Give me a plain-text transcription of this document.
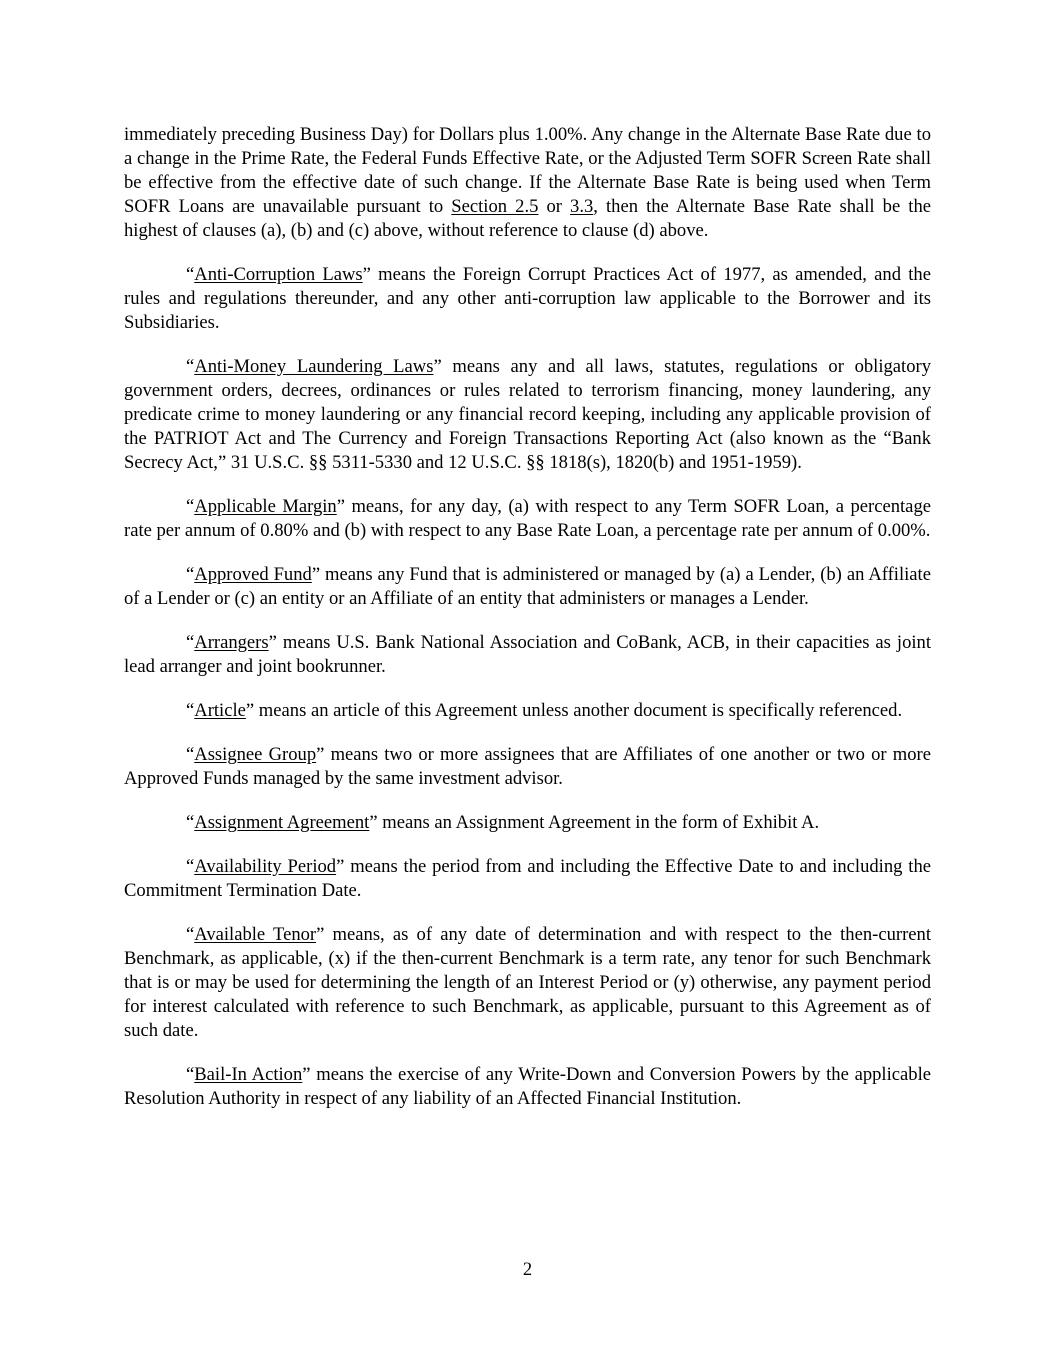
immediately preceding Business Day) for Dollars plus 1.00%. Any change in the Alternate Base Rate due to a change in the Prime Rate, the Federal Funds Effective Rate, or the Adjusted Term SOFR Screen Rate shall be effective from the effective date of such change. If the Alternate Base Rate is being used when Term SOFR Loans are unavailable pursuant to Section 2.5 or 3.3, then the Alternate Base Rate shall be the highest of clauses (a), (b) and (c) above, without reference to clause (d) above.

“Anti-Corruption Laws” means the Foreign Corrupt Practices Act of 1977, as amended, and the rules and regulations thereunder, and any other anti-corruption law applicable to the Borrower and its Subsidiaries.

“Anti-Money Laundering Laws” means any and all laws, statutes, regulations or obligatory government orders, decrees, ordinances or rules related to terrorism financing, money laundering, any predicate crime to money laundering or any financial record keeping, including any applicable provision of the PATRIOT Act and The Currency and Foreign Transactions Reporting Act (also known as the “Bank Secrecy Act,” 31 U.S.C. §§ 5311-5330 and 12 U.S.C. §§ 1818(s), 1820(b) and 1951-1959).

“Applicable Margin” means, for any day, (a) with respect to any Term SOFR Loan, a percentage rate per annum of 0.80% and (b) with respect to any Base Rate Loan, a percentage rate per annum of 0.00%.

“Approved Fund” means any Fund that is administered or managed by (a) a Lender, (b) an Affiliate of a Lender or (c) an entity or an Affiliate of an entity that administers or manages a Lender.

“Arrangers” means U.S. Bank National Association and CoBank, ACB, in their capacities as joint lead arranger and joint bookrunner.

“Article” means an article of this Agreement unless another document is specifically referenced.

“Assignee Group” means two or more assignees that are Affiliates of one another or two or more Approved Funds managed by the same investment advisor.

“Assignment Agreement” means an Assignment Agreement in the form of Exhibit A.

“Availability Period” means the period from and including the Effective Date to and including the Commitment Termination Date.

“Available Tenor” means, as of any date of determination and with respect to the then-current Benchmark, as applicable, (x) if the then-current Benchmark is a term rate, any tenor for such Benchmark that is or may be used for determining the length of an Interest Period or (y) otherwise, any payment period for interest calculated with reference to such Benchmark, as applicable, pursuant to this Agreement as of such date.

“Bail-In Action” means the exercise of any Write-Down and Conversion Powers by the applicable Resolution Authority in respect of any liability of an Affected Financial Institution.

2
